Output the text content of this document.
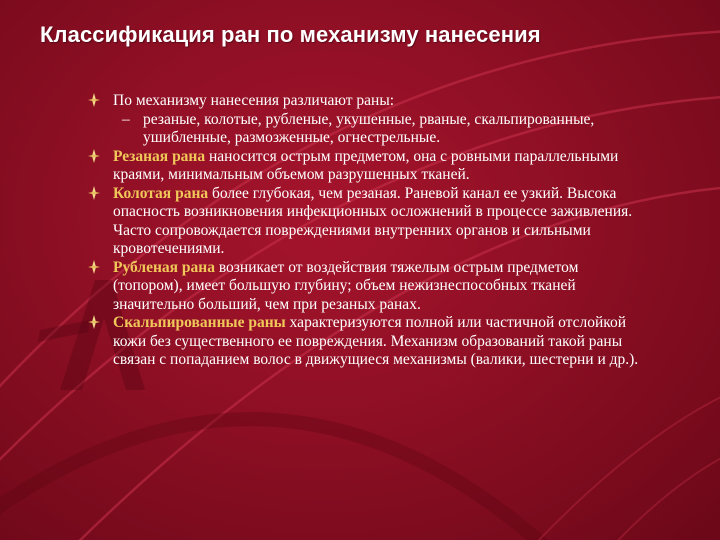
Классификация ран по механизму нанесения
По механизму нанесения различают раны:
– резаные, колотые, рубленые, укушенные, рваные, скальпированные, ушибленные, размозженные, огнестрельные.
Резаная рана наносится острым предметом, она с ровными параллельными краями, минимальным объемом разрушенных тканей.
Колотая рана более глубокая, чем резаная. Раневой канал ее узкий. Высока опасность возникновения инфекционных осложнений в процессе заживления. Часто сопровождается повреждениями внутренних органов и сильными кровотечениями.
Рубленая рана возникает от воздействия тяжелым острым предметом (топором), имеет большую глубину; объем нежизнеспособных тканей значительно больший, чем при резаных ранах.
Скальпированные раны характеризуются полной или частичной отслойкой кожи без существенного ее повреждения. Механизм образований такой раны связан с попаданием волос в движущиеся механизмы (валики, шестерни и др.).
